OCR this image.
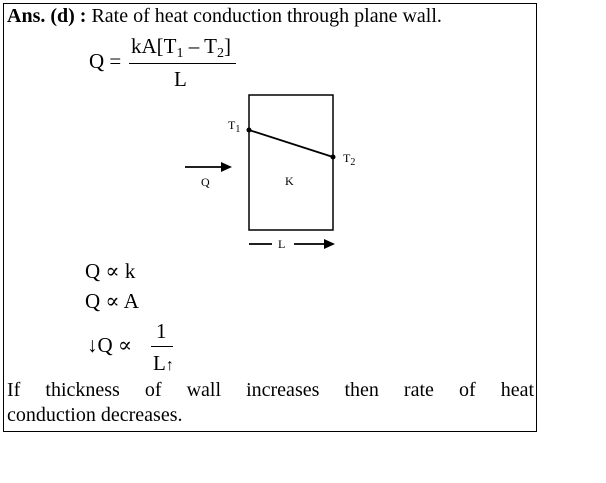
Ans. (d) : Rate of heat conduction through plane wall.
Q =
kA[T1 – T2]
L
$T_1$
$T_2$
Q	K
L
Q ∝ k
Q ∝ A
↓Q ∝
1
L↑
If thickness of wall increases then rate of heat
conduction decreases.
